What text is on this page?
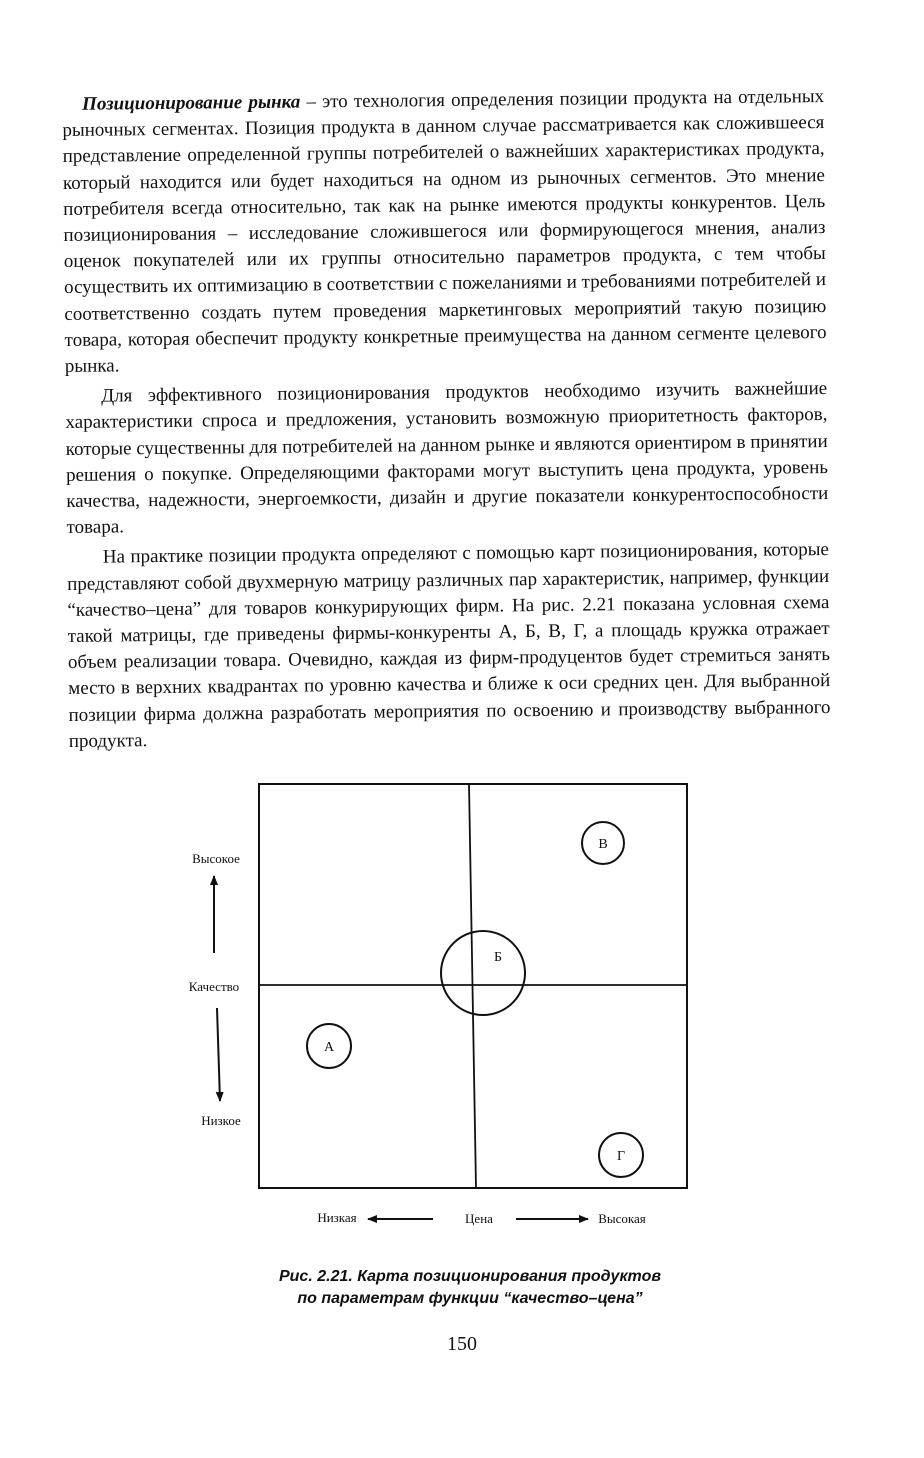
Позиционирование рынка – это технология определения позиции продукта на отдельных рыночных сегментах. Позиция продукта в данном случае рассматривается как сложившееся представление определенной группы потребителей о важнейших характеристиках продукта, который находится или будет находиться на одном из рыночных сегментов. Это мнение потребителя всегда относительно, так как на рынке имеются продукты конкурентов. Цель позиционирования – исследование сложившегося или формирующегося мнения, анализ оценок покупателей или их группы относительно параметров продукта, с тем чтобы осуществить их оптимизацию в соответствии с пожеланиями и требованиями потребителей и соответственно создать путем проведения маркетинговых мероприятий такую позицию товара, которая обеспечит продукту конкретные преимущества на данном сегменте целевого рынка.

Для эффективного позиционирования продуктов необходимо изучить важнейшие характеристики спроса и предложения, установить возможную приоритетность факторов, которые существенны для потребителей на данном рынке и являются ориентиром в принятии решения о покупке. Определяющими факторами могут выступить цена продукта, уровень качества, надежности, энергоемкости, дизайн и другие показатели конкурентоспособности товара.

На практике позиции продукта определяют с помощью карт позиционирования, которые представляют собой двухмерную матрицу различных пар характеристик, например, функции “качество–цена” для товаров конкурирующих фирм. На рис. 2.21 показана условная схема такой матрицы, где приведены фирмы-конкуренты А, Б, В, Г, а площадь кружка отражает объем реализации товара. Очевидно, каждая из фирм-продуцентов будет стремиться занять место в верхних квадрантах по уровню качества и ближе к оси средних цен. Для выбранной позиции фирма должна разработать мероприятия по освоению и производству выбранного продукта.

В
Б
А
Г
Высокое
Качество
Низкое
Низкая	Цена	Высокая
Рис. 2.21. Карта позиционирования продуктов
по параметрам функции “качество–цена”
150
